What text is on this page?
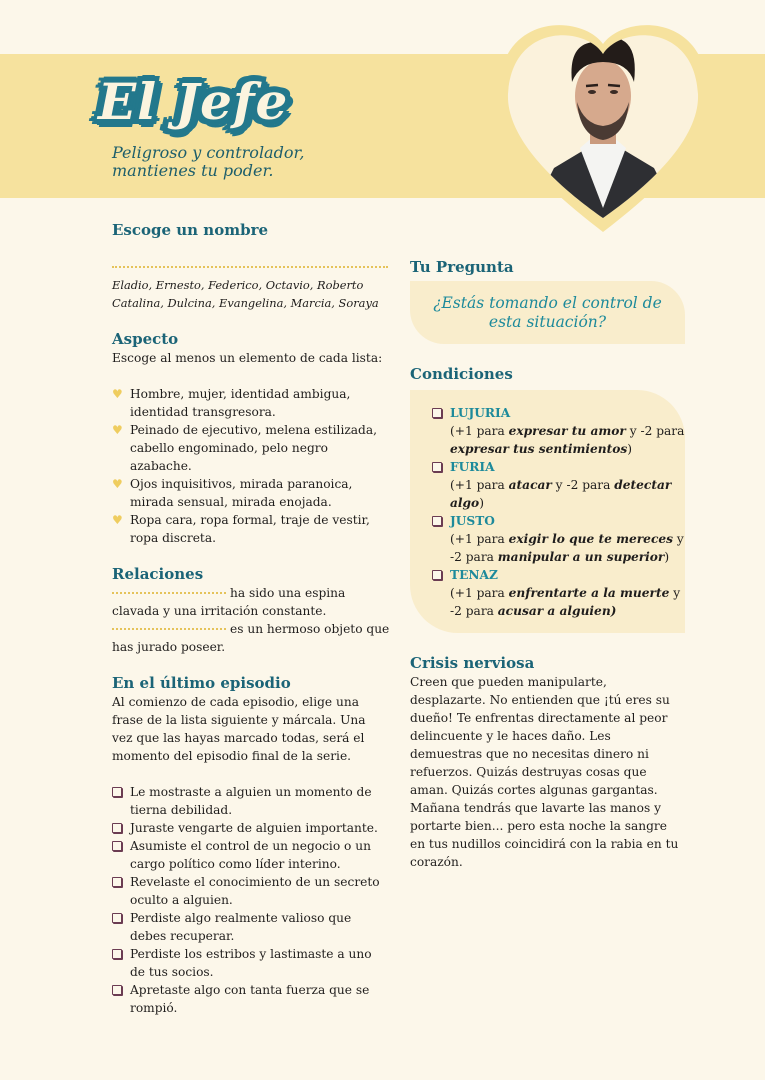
El Jefe
Peligroso y controlador,
mantienes tu poder.
Escoge un nombre

Eladio, Ernesto, Federico, Octavio, Roberto

Catalina, Dulcina, Evangelina, Marcia, Soraya

Aspecto

Escoge al menos un elemento de cada lista:

♥ Hombre, mujer, identidad ambigua, identidad transgresora.
♥ Peinado de ejecutivo, melena estilizada, cabello engominado, pelo negro azabache.
♥ Ojos inquisitivos, mirada paranoica, mirada sensual, mirada enojada.
♥ Ropa cara, ropa formal, traje de vestir, ropa discreta.
Relaciones

ha sido una espina
clavada y una irritación constante.

es un hermoso objeto que
has jurado poseer.

En el último episodio

Al comienzo de cada episodio, elige una frase de la lista siguiente y márcala. Una vez que las hayas marcado todas, será el momento del episodio final de la serie.

Le mostraste a alguien un momento de tierna debilidad.
Juraste vengarte de alguien importante.
Asumiste el control de un negocio o un cargo político como líder interino.
Revelaste el conocimiento de un secreto oculto a alguien.
Perdiste algo realmente valioso que debes recuperar.
Perdiste los estribos y lastimaste a uno de tus socios.
Apretaste algo con tanta fuerza que se rompió.
Tu Pregunta
¿Estás tomando el control de esta situación?
Condiciones
LUJURIA
(+1 para expresar tu amor y -2 para expresar tus sentimientos)
FURIA
(+1 para atacar y -2 para detectar algo)
JUSTO
(+1 para exigir lo que te mereces y -2 para manipular a un superior)
TENAZ
(+1 para enfrentarte a la muerte y -2 para acusar a alguien)
Crisis nerviosa

Creen que pueden manipularte, desplazarte. No entienden que ¡tú eres su dueño! Te enfrentas directamente al peor delincuente y le haces daño. Les demuestras que no necesitas dinero ni refuerzos. Quizás destruyas cosas que aman. Quizás cortes algunas gargantas. Mañana tendrás que lavarte las manos y portarte bien... pero esta noche la sangre en tus nudillos coincidirá con la rabia en tu corazón.
